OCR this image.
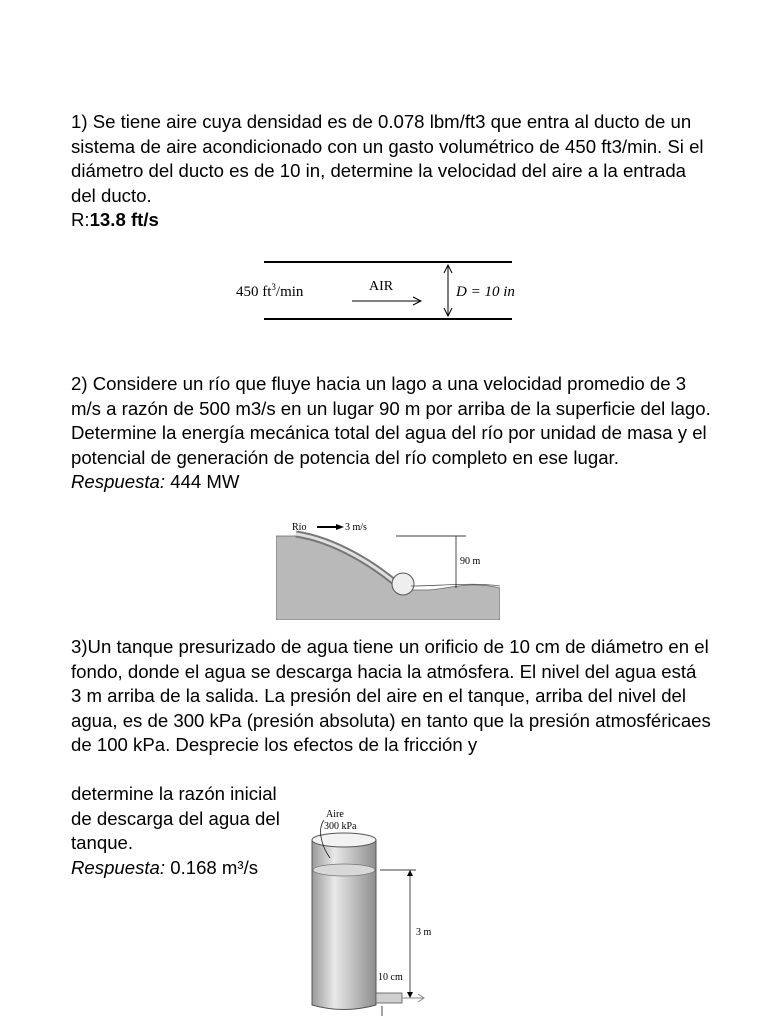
1) Se tiene aire cuya densidad es de 0.078 lbm/ft3 que entra al ducto de un sistema de aire acondicionado con un gasto volumétrico de 450 ft3/min. Si el diámetro del ducto es de 10 in, determine la velocidad del aire a la entrada del ducto.

R:13.8 ft/s

450 $ft^3/\min$	AIR	D = 10 in

2) Considere un río que fluye hacia un lago a una velocidad promedio de 3 m/s a razón de 500 m3/s en un lugar 90 m por arriba de la superficie del lago. Determine la energía mecánica total del agua del río por unidad de masa y el potencial de generación de potencia del río completo en ese lugar. Respuesta: 444 MW

Río	3 m/s
90 m

3)Un tanque presurizado de agua tiene un orificio de 10 cm de diámetro en el fondo, donde el agua se descarga hacia la atmósfera. El nivel del agua está 3 m arriba de la salida. La presión del aire en el tanque, arriba del nivel del agua, es de 300 kPa (presión absoluta) en tanto que la presión atmosféricaes de 100 kPa. Desprecie los efectos de la fricción y

determine la razón inicial de descarga del agua del tanque.

Respuesta: 0.168 m³/s

Aire
300 kPa
3 m
10 cm
